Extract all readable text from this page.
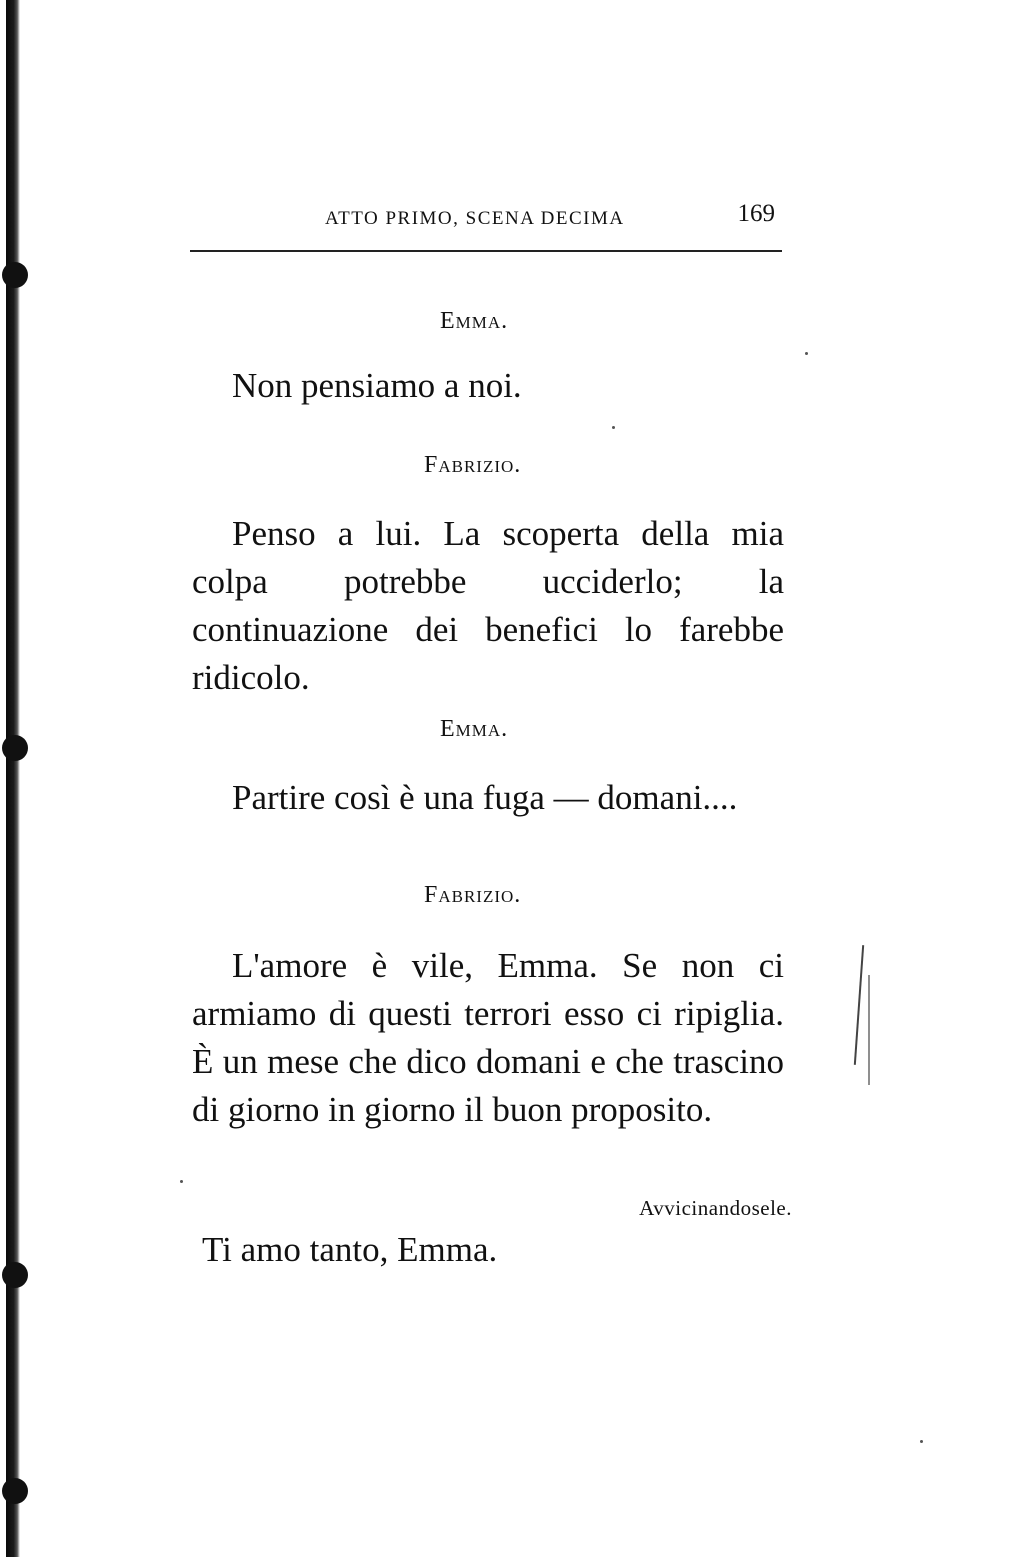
ATTO PRIMO, SCENA DECIMA	169
Emma.

Non pensiamo a noi.

Fabrizio.

Penso a lui. La scoperta della mia colpa potrebbe ucciderlo; la continuazione dei benefici lo farebbe ridicolo.

Emma.

Partire così è una fuga — domani....

Fabrizio.

L'amore è vile, Emma. Se non ci armiamo di questi terrori esso ci ripiglia. È un mese che dico domani e che trascino di giorno in giorno il buon proposito.

Avvicinandosele.

Ti amo tanto, Emma.
